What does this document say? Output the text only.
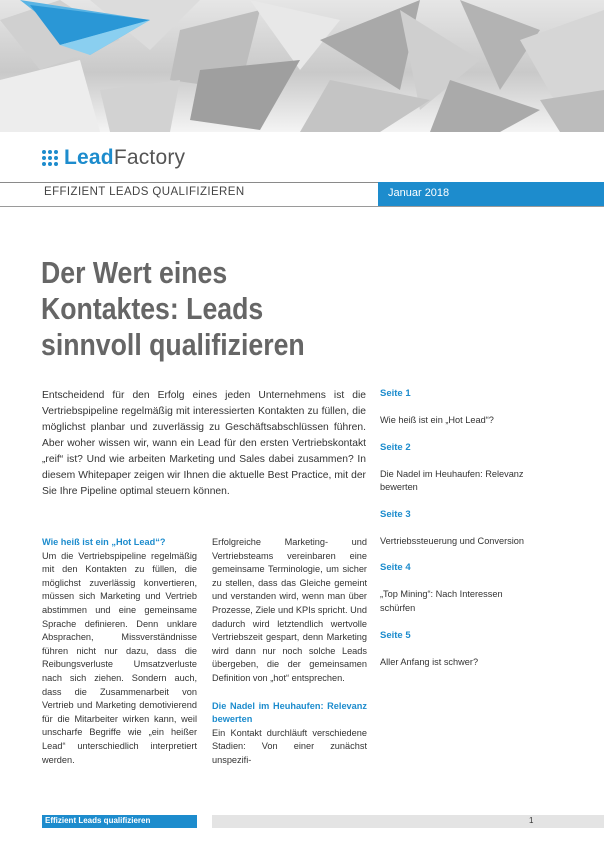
LeadFactory
EFFIZIENT LEADS QUALIFIZIEREN	Januar 2018
Der Wert eines
Kontaktes: Leads
sinnvoll qualifizieren
Entscheidend für den Erfolg eines jeden Unternehmens ist die Vertriebspipeline regelmäßig mit interessierten Kontakten zu füllen, die möglichst planbar und zuverlässig zu Geschäftsabschlüssen führen. Aber woher wissen wir, wann ein Lead für den ersten Vertriebskontakt „reif“ ist? Und wie arbeiten Marketing und Sales dabei zusammen? In diesem Whitepaper zeigen wir Ihnen die aktuelle Best Practice, mit der Sie Ihre Pipeline optimal steuern können.
Wie heiß ist ein „Hot Lead“?

Um die Vertriebspipeline regelmäßig mit den Kontakten zu füllen, die möglichst zuverlässig konvertieren, müssen sich Marketing und Vertrieb abstimmen und eine gemeinsame Sprache definieren. Denn unklare Absprachen, Missverständnisse führen nicht nur dazu, dass die Reibungsverluste Umsatzverluste nach sich ziehen. Sondern auch, dass die Zusammenarbeit von Vertrieb und Marketing demotivierend für die Mitarbeiter wirken kann, weil unscharfe Begriffe wie „ein heißer Lead“ unterschiedlich interpretiert werden.

Erfolgreiche Marketing- und Vertriebsteams vereinbaren eine gemeinsame Terminologie, um sicher zu stellen, dass das Gleiche gemeint und verstanden wird, wenn man über Prozesse, Ziele und KPIs spricht. Und dadurch wird letztendlich wertvolle Vertriebszeit gespart, denn Marketing wird dann nur noch solche Leads übergeben, die der gemeinsamen Definition von „hot“ entsprechen.

Die Nadel im Heuhaufen: Relevanz bewerten

Ein Kontakt durchläuft verschiedene Stadien: Von einer zunächst unspezifi-

Seite 1
Wie heiß ist ein „Hot Lead“?
Seite 2
Die Nadel im Heuhaufen: Relevanz bewerten
Seite 3
Vertriebssteuerung und Conversion
Seite 4
„Top Mining“: Nach Interessen schürfen
Seite 5
Aller Anfang ist schwer?
Effizient Leads qualifizieren	1
